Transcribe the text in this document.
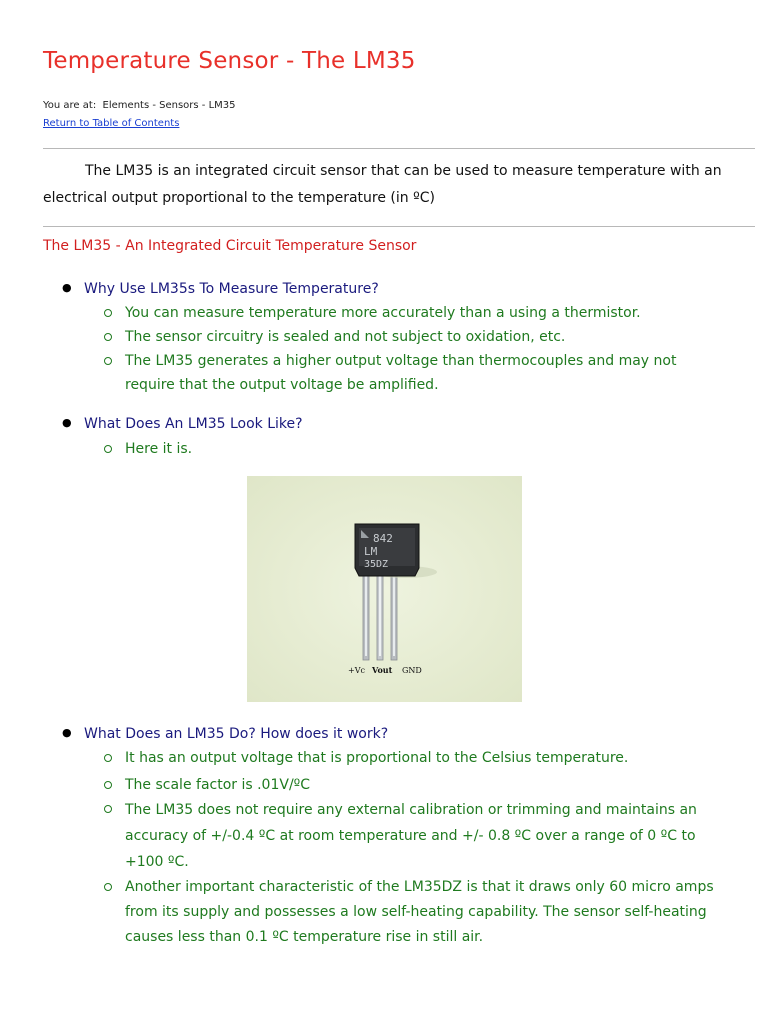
Temperature Sensor - The LM35
You are at: Elements - Sensors - LM35
Return to Table of Contents

The LM35 is an integrated circuit sensor that can be used to measure temperature with an electrical output proportional to the temperature (in ºC)

The LM35 - An Integrated Circuit Temperature Sensor
● Why Use LM35s To Measure Temperature?
You can measure temperature more accurately than a using a thermistor.
The sensor circuitry is sealed and not subject to oxidation, etc.
The LM35 generates a higher output voltage than thermocouples and may not require that the output voltage be amplified.
● What Does An LM35 Look Like?
Here it is.
842
LM
35DZ
+Vc Vout GND
● What Does an LM35 Do? How does it work?
It has an output voltage that is proportional to the Celsius temperature.
The scale factor is .01V/ºC
The LM35 does not require any external calibration or trimming and maintains an accuracy of +/-0.4 ºC at room temperature and +/- 0.8 ºC over a range of 0 ºC to +100 ºC.
Another important characteristic of the LM35DZ is that it draws only 60 micro amps from its supply and possesses a low self-heating capability. The sensor self-heating causes less than 0.1 ºC temperature rise in still air.
